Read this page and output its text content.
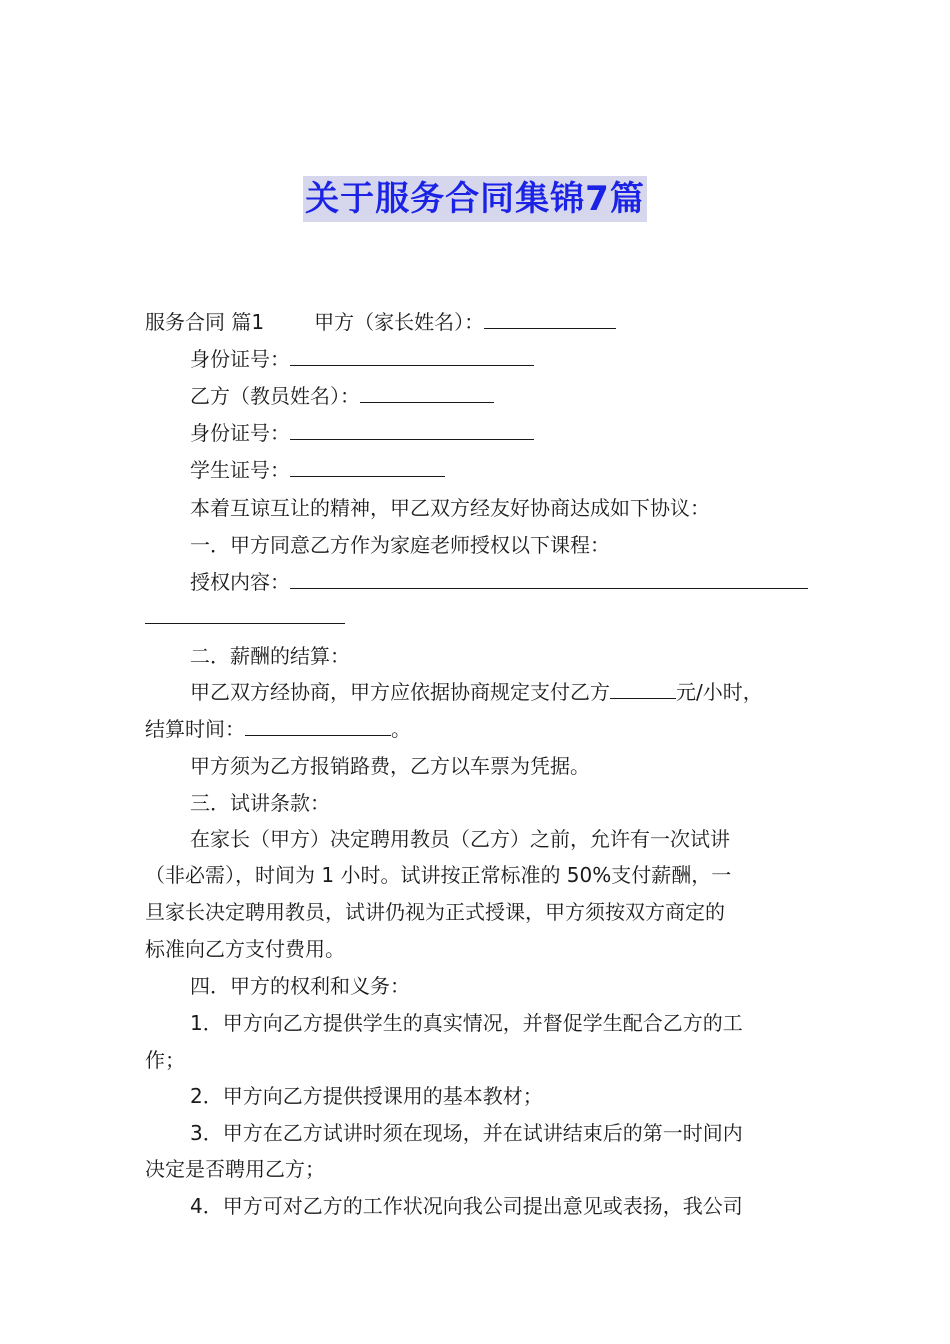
关于服务合同集锦7篇
服务合同 篇1	甲方（家长姓名）：
身份证号：
乙方（教员姓名）：
身份证号：
学生证号：
本着互谅互让的精神，甲乙双方经友好协商达成如下协议：
一．甲方同意乙方作为家庭老师授权以下课程：
授权内容：
二．薪酬的结算：
甲乙双方经协商，甲方应依据协商规定支付乙方	元/小时，
结算时间：	。
甲方须为乙方报销路费，乙方以车票为凭据。
三．试讲条款：
在家长（甲方）决定聘用教员（乙方）之前，允许有一次试讲
（非必需），时间为 1 小时。试讲按正常标准的 50%支付薪酬，一
旦家长决定聘用教员，试讲仍视为正式授课，甲方须按双方商定的
标准向乙方支付费用。
四．甲方的权利和义务：
1．甲方向乙方提供学生的真实情况，并督促学生配合乙方的工
作；
2．甲方向乙方提供授课用的基本教材；
3．甲方在乙方试讲时须在现场，并在试讲结束后的第一时间内
决定是否聘用乙方；
4．甲方可对乙方的工作状况向我公司提出意见或表扬，我公司
